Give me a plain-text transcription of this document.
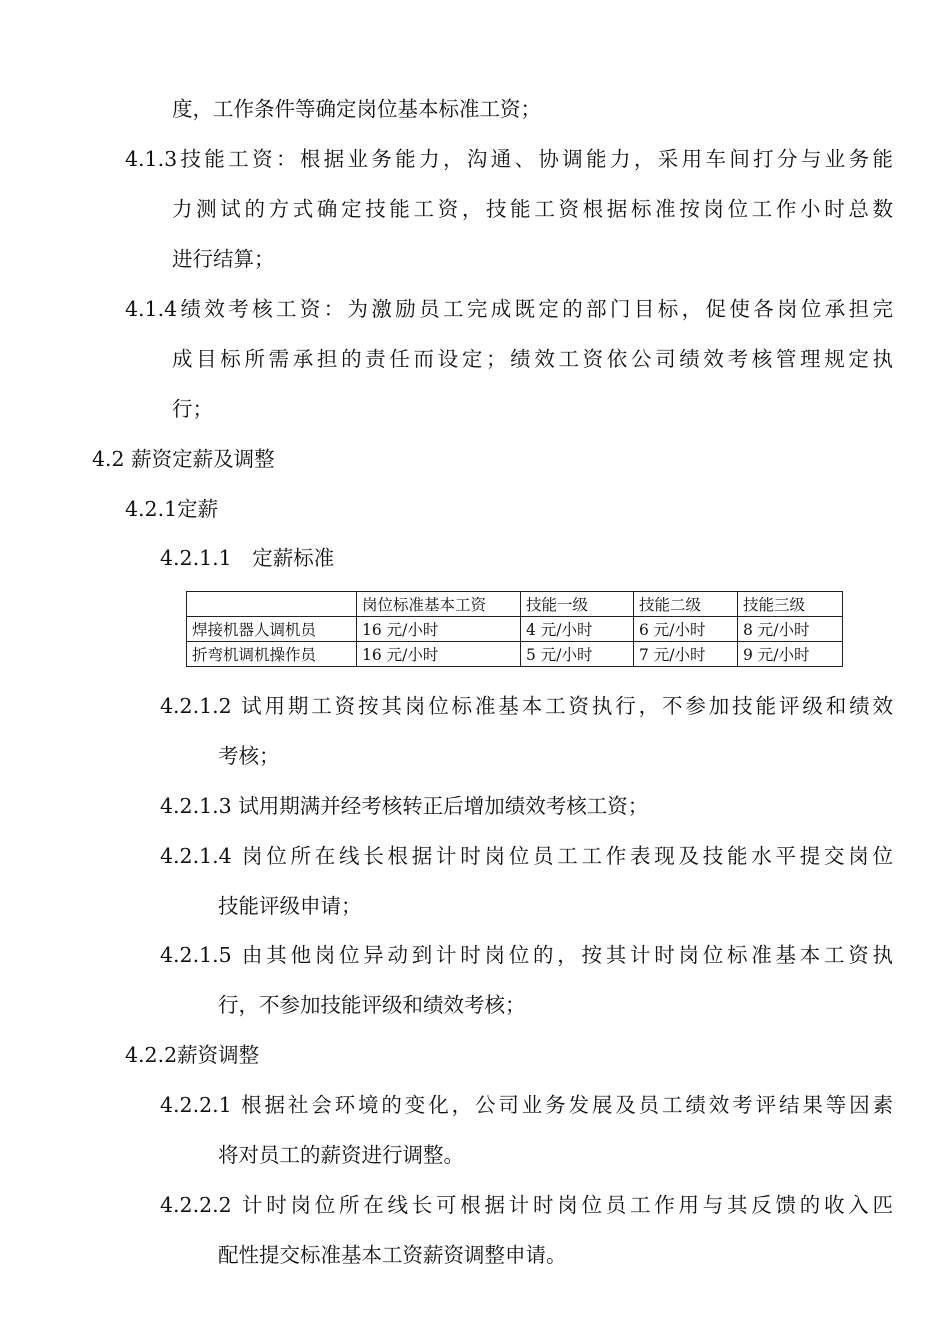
度，工作条件等确定岗位基本标准工资；
4.1.3技能工资：根据业务能力，沟通、协调能力，采用车间打分与业务能
力测试的方式确定技能工资，技能工资根据标准按岗位工作小时总数
进行结算；
4.1.4绩效考核工资：为激励员工完成既定的部门目标，促使各岗位承担完
成目标所需承担的责任而设定；绩效工资依公司绩效考核管理规定执
行；
4.2 薪资定薪及调整
4.2.1定薪
4.2.1.1　定薪标准
	岗位标准基本工资	技能一级	技能二级	技能三级
焊接机器人调机员	16 元/小时	4 元/小时	6 元/小时	8 元/小时
折弯机调机操作员	16 元/小时	5 元/小时	7 元/小时	9 元/小时
4.2.1.2 试用期工资按其岗位标准基本工资执行，不参加技能评级和绩效
考核；
4.2.1.3 试用期满并经考核转正后增加绩效考核工资；
4.2.1.4 岗位所在线长根据计时岗位员工工作表现及技能水平提交岗位
技能评级申请；
4.2.1.5 由其他岗位异动到计时岗位的，按其计时岗位标准基本工资执
行，不参加技能评级和绩效考核；
4.2.2薪资调整
4.2.2.1 根据社会环境的变化，公司业务发展及员工绩效考评结果等因素
将对员工的薪资进行调整。
4.2.2.2 计时岗位所在线长可根据计时岗位员工作用与其反馈的收入匹
配性提交标准基本工资薪资调整申请。
